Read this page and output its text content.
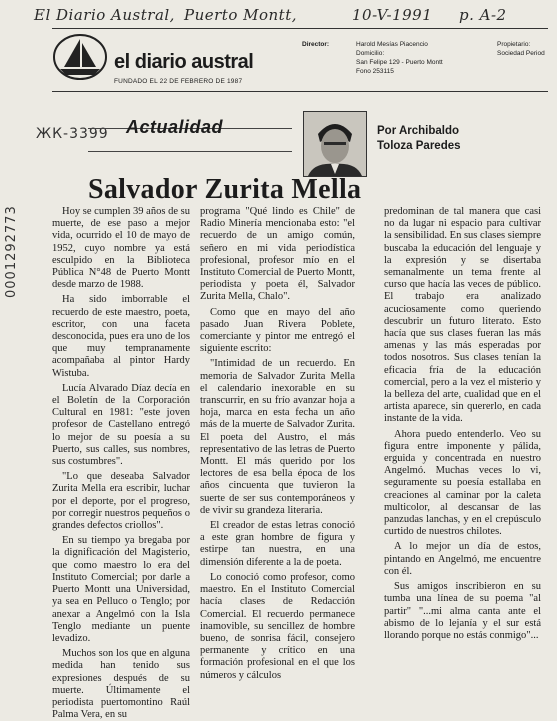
El Diario Austral, Puerto Montt,	10-V-1991 p. A-2
el diario austral
FUNDADO EL 22 DE FEBRERO DE 1987
Director:	Harold Mesías Piacencio
Domicilio:
San Felipe 129 - Puerto Montt
Fono 253115
Propietario:
Sociedad Period
ЖК-3399
0001292773
Actualidad	Por Archibaldo
Toloza Paredes
Salvador Zurita Mella

Hoy se cumplen 39 años de su muerte, de ese paso a mejor vida, ocurrido el 10 de mayo de 1952, cuyo nombre ya está esculpido en la Biblioteca Pública N°48 de Puerto Montt desde marzo de 1988.

Ha sido imborrable el recuerdo de este maestro, poeta, escritor, con una faceta desconocida, pues era uno de los que muy tempranamente acompañaba al pintor Hardy Wistuba.

Lucía Alvarado Díaz decía en el Boletín de la Corporación Cultural en 1981: "este joven profesor de Castellano entregó lo mejor de su poesía a su Puerto, sus calles, sus nombres, sus costumbres".

"Lo que deseaba Salvador Zurita Mella era escribir, luchar por el deporte, por el progreso, por corregir nuestros pequeños o grandes defectos criollos".

En su tiempo ya bregaba por la dignificación del Magisterio, que como maestro lo era del Instituto Comercial; por darle a Puerto Montt una Universidad, ya sea en Pelluco o Tenglo; por anexar a Angelmó con la Isla Tenglo mediante un puente levadizo.

Muchos son los que en alguna medida han tenido sus expresiones después de su muerte. Últimamente el periodista puertomontino Raúl Palma Vera, en su

programa "Qué lindo es Chile" de Radio Minería mencionaba esto: "el recuerdo de un amigo común, señero en mi vida periodística profesional, profesor mío en el Instituto Comercial de Puerto Montt, periodista y poeta él, Salvador Zurita Mella, Chalo".

Como que en mayo del año pasado Juan Rivera Poblete, comerciante y pintor me entregó el siguiente escrito:

"Intimidad de un recuerdo. En memoria de Salvador Zurita Mella el calendario inexorable en su transcurrir, en su frío avanzar hoja a hoja, marca en esta fecha un año más de la muerte de Salvador Zurita. El poeta del Austro, el más representativo de las letras de Puerto Montt. El más querido por los lectores de esa bella época de los años cincuenta que tuvieron la suerte de ser sus contemporáneos y de vivir su grandeza literaria.

El creador de estas letras conoció a este gran hombre de figura y estirpe tan nuestra, en una dimensión diferente a la de poeta.

Lo conoció como profesor, como maestro. En el Instituto Comercial hacía clases de Redacción Comercial. El recuerdo permanece inamovible, su sencillez de hombre bueno, de sonrisa fácil, consejero permanente y crítico en una formación profesional en el que los números y cálculos

predominan de tal manera que casi no da lugar ni espacio para cultivar la sensibilidad. En sus clases siempre buscaba la educación del lenguaje y la expresión y se disertaba semanalmente un tema frente al curso que hacía las veces de público. El trabajo era analizado acuciosamente como queriendo descubrir un futuro literato. Esto hacía que sus clases fueran las más amenas y las más esperadas por todos nosotros. Sus clases tenían la eficacia fría de la educación comercial, pero a la vez el misterio y la belleza del arte, cualidad que en el artista aparece, sin quererlo, en cada instante de la vida.

Ahora puedo entenderlo. Veo su figura entre imponente y pálida, erguida y concentrada en nuestro Angelmó. Muchas veces lo vi, seguramente su poesía estallaba en creaciones al caminar por la caleta multicolor, al descansar de las panzudas lanchas, y en el crepúsculo curtido de nuestros chilotes.

A lo mejor un día de estos, pintando en Angelmó, me encuentre con él.

Sus amigos inscribieron en su tumba una línea de su poema "al partir" "...mi alma canta ante el abismo de lo lejanía y el sur está llorando porque no estás conmigo"...
